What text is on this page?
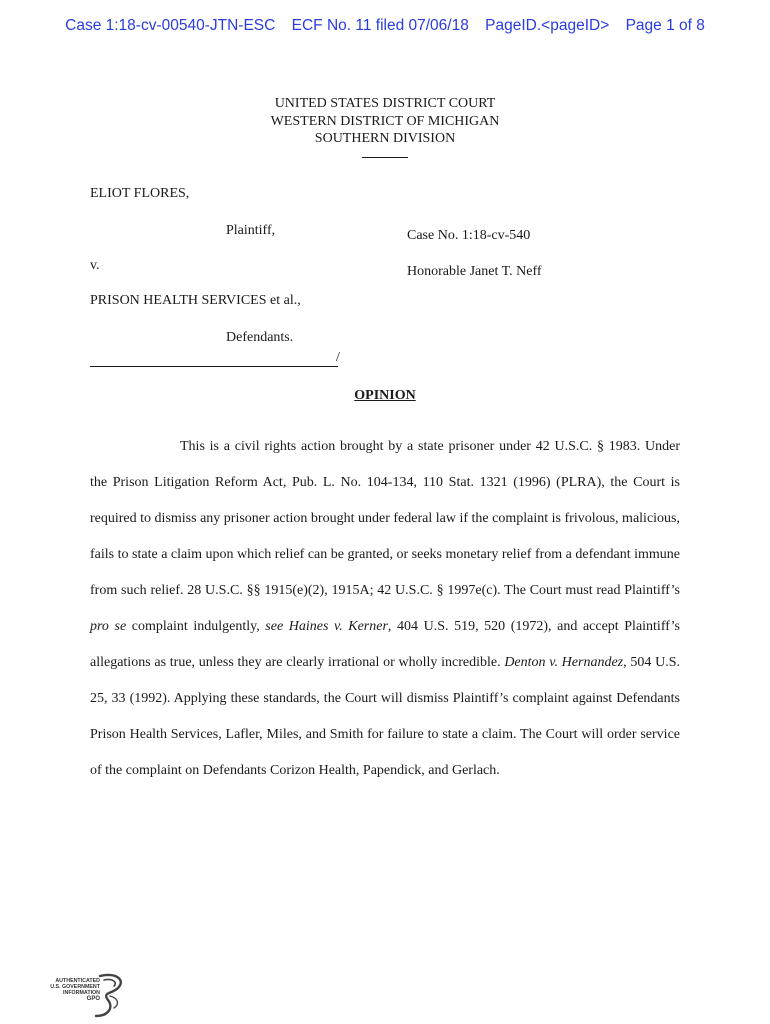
Case 1:18-cv-00540-JTN-ESC ECF No. 11 filed 07/06/18 PageID.<pageID> Page 1 of 8
UNITED STATES DISTRICT COURT
WESTERN DISTRICT OF MICHIGAN
SOUTHERN DIVISION
ELIOT FLORES,
Plaintiff,	Case No. 1:18-cv-540
v.	Honorable Janet T. Neff
PRISON HEALTH SERVICES et al.,
Defendants.
/
OPINION

This is a civil rights action brought by a state prisoner under 42 U.S.C. § 1983. Under the Prison Litigation Reform Act, Pub. L. No. 104-134, 110 Stat. 1321 (1996) (PLRA), the Court is required to dismiss any prisoner action brought under federal law if the complaint is frivolous, malicious, fails to state a claim upon which relief can be granted, or seeks monetary relief from a defendant immune from such relief. 28 U.S.C. §§ 1915(e)(2), 1915A; 42 U.S.C. § 1997e(c). The Court must read Plaintiff’s pro se complaint indulgently, see Haines v. Kerner, 404 U.S. 519, 520 (1972), and accept Plaintiff’s allegations as true, unless they are clearly irrational or wholly incredible. Denton v. Hernandez, 504 U.S. 25, 33 (1992). Applying these standards, the Court will dismiss Plaintiff’s complaint against Defendants Prison Health Services, Lafler, Miles, and Smith for failure to state a claim. The Court will order service of the complaint on Defendants Corizon Health, Papendick, and Gerlach.

AUTHENTICATED
U.S. GOVERNMENT
INFORMATION
GPO
